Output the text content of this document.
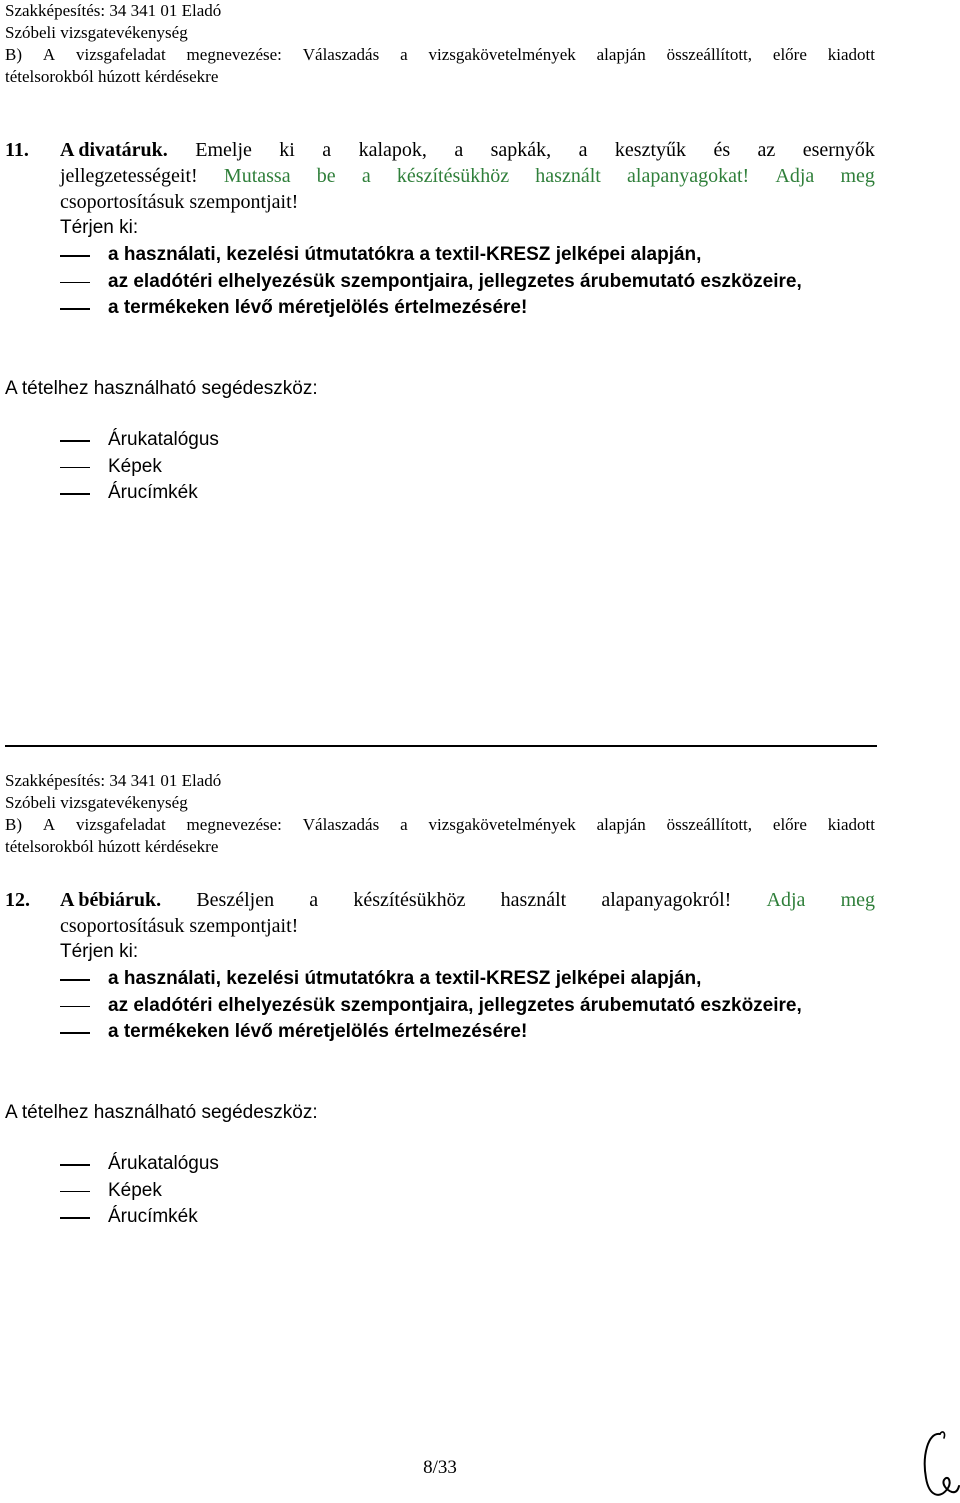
Szakképesítés: 34 341 01 Eladó
Szóbeli vizsgatevékenység
B) A vizsgafeladat megnevezése: Válaszadás a vizsgakövetelmények alapján összeállított, előre kiadott
tételsorokból húzott kérdésekre
11. A divatáruk. Emelje ki a kalapok, a sapkák, a kesztyűk és az esernyők
jellegzetességeit! Mutassa be a készítésükhöz használt alapanyagokat! Adja meg
csoportosításuk szempontjait!
Térjen ki:
a használati, kezelési útmutatókra a textil-KRESZ jelképei alapján,
az eladótéri elhelyezésük szempontjaira, jellegzetes árubemutató eszközeire,
a termékeken lévő méretjelölés értelmezésére!
A tételhez használható segédeszköz:
Árukatalógus
Képek
Árucímkék
Szakképesítés: 34 341 01 Eladó
Szóbeli vizsgatevékenység
B) A vizsgafeladat megnevezése: Válaszadás a vizsgakövetelmények alapján összeállított, előre kiadott
tételsorokból húzott kérdésekre
12. A bébiáruk. Beszéljen a készítésükhöz használt alapanyagokról! Adja meg
csoportosításuk szempontjait!
Térjen ki:
a használati, kezelési útmutatókra a textil-KRESZ jelképei alapján,
az eladótéri elhelyezésük szempontjaira, jellegzetes árubemutató eszközeire,
a termékeken lévő méretjelölés értelmezésére!
A tételhez használható segédeszköz:
Árukatalógus
Képek
Árucímkék
8/33
